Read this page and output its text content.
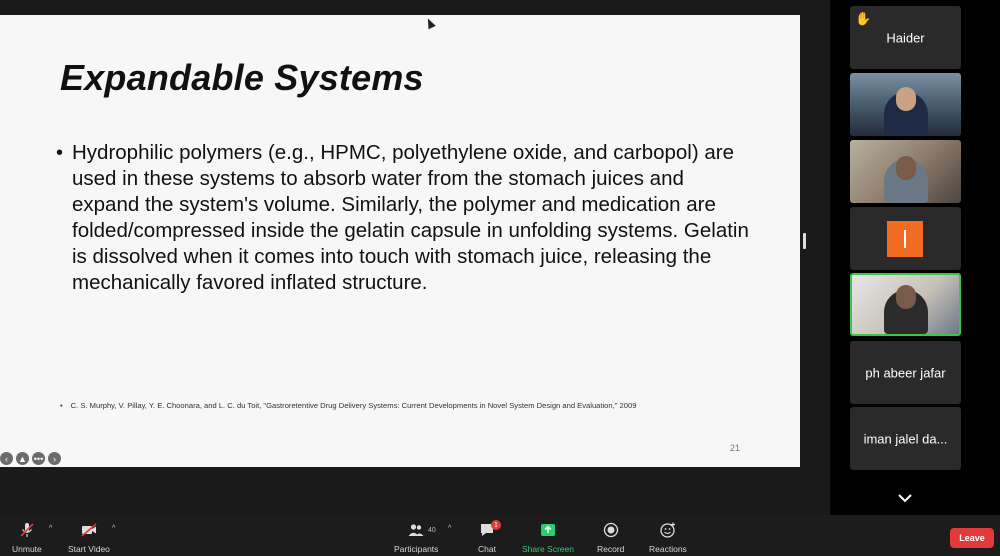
Expandable Systems
• Hydrophilic polymers (e.g., HPMC, polyethylene oxide, and carbopol) are used in these systems to absorb water from the stomach juices and expand the system's volume. Similarly, the polymer and medication are folded/compressed inside the gelatin capsule in unfolding systems. Gelatin is dissolved when it comes into touch with stomach juice, releasing the mechanically favored inflated structure.
• C. S. Murphy, V. Pillay, Y. E. Choonara, and L. C. du Toit, "Gastroretentive Drug Delivery Systems: Current Developments in Novel System Design and Evaluation," 2009
21
‹	▲ •••	›
✋
Haider
ph abeer jafar
iman jalel da...
Unmute
^
Start Video
^
Participants
^
Chat	Share Screen	Record	Reactions
40
1
Leave
